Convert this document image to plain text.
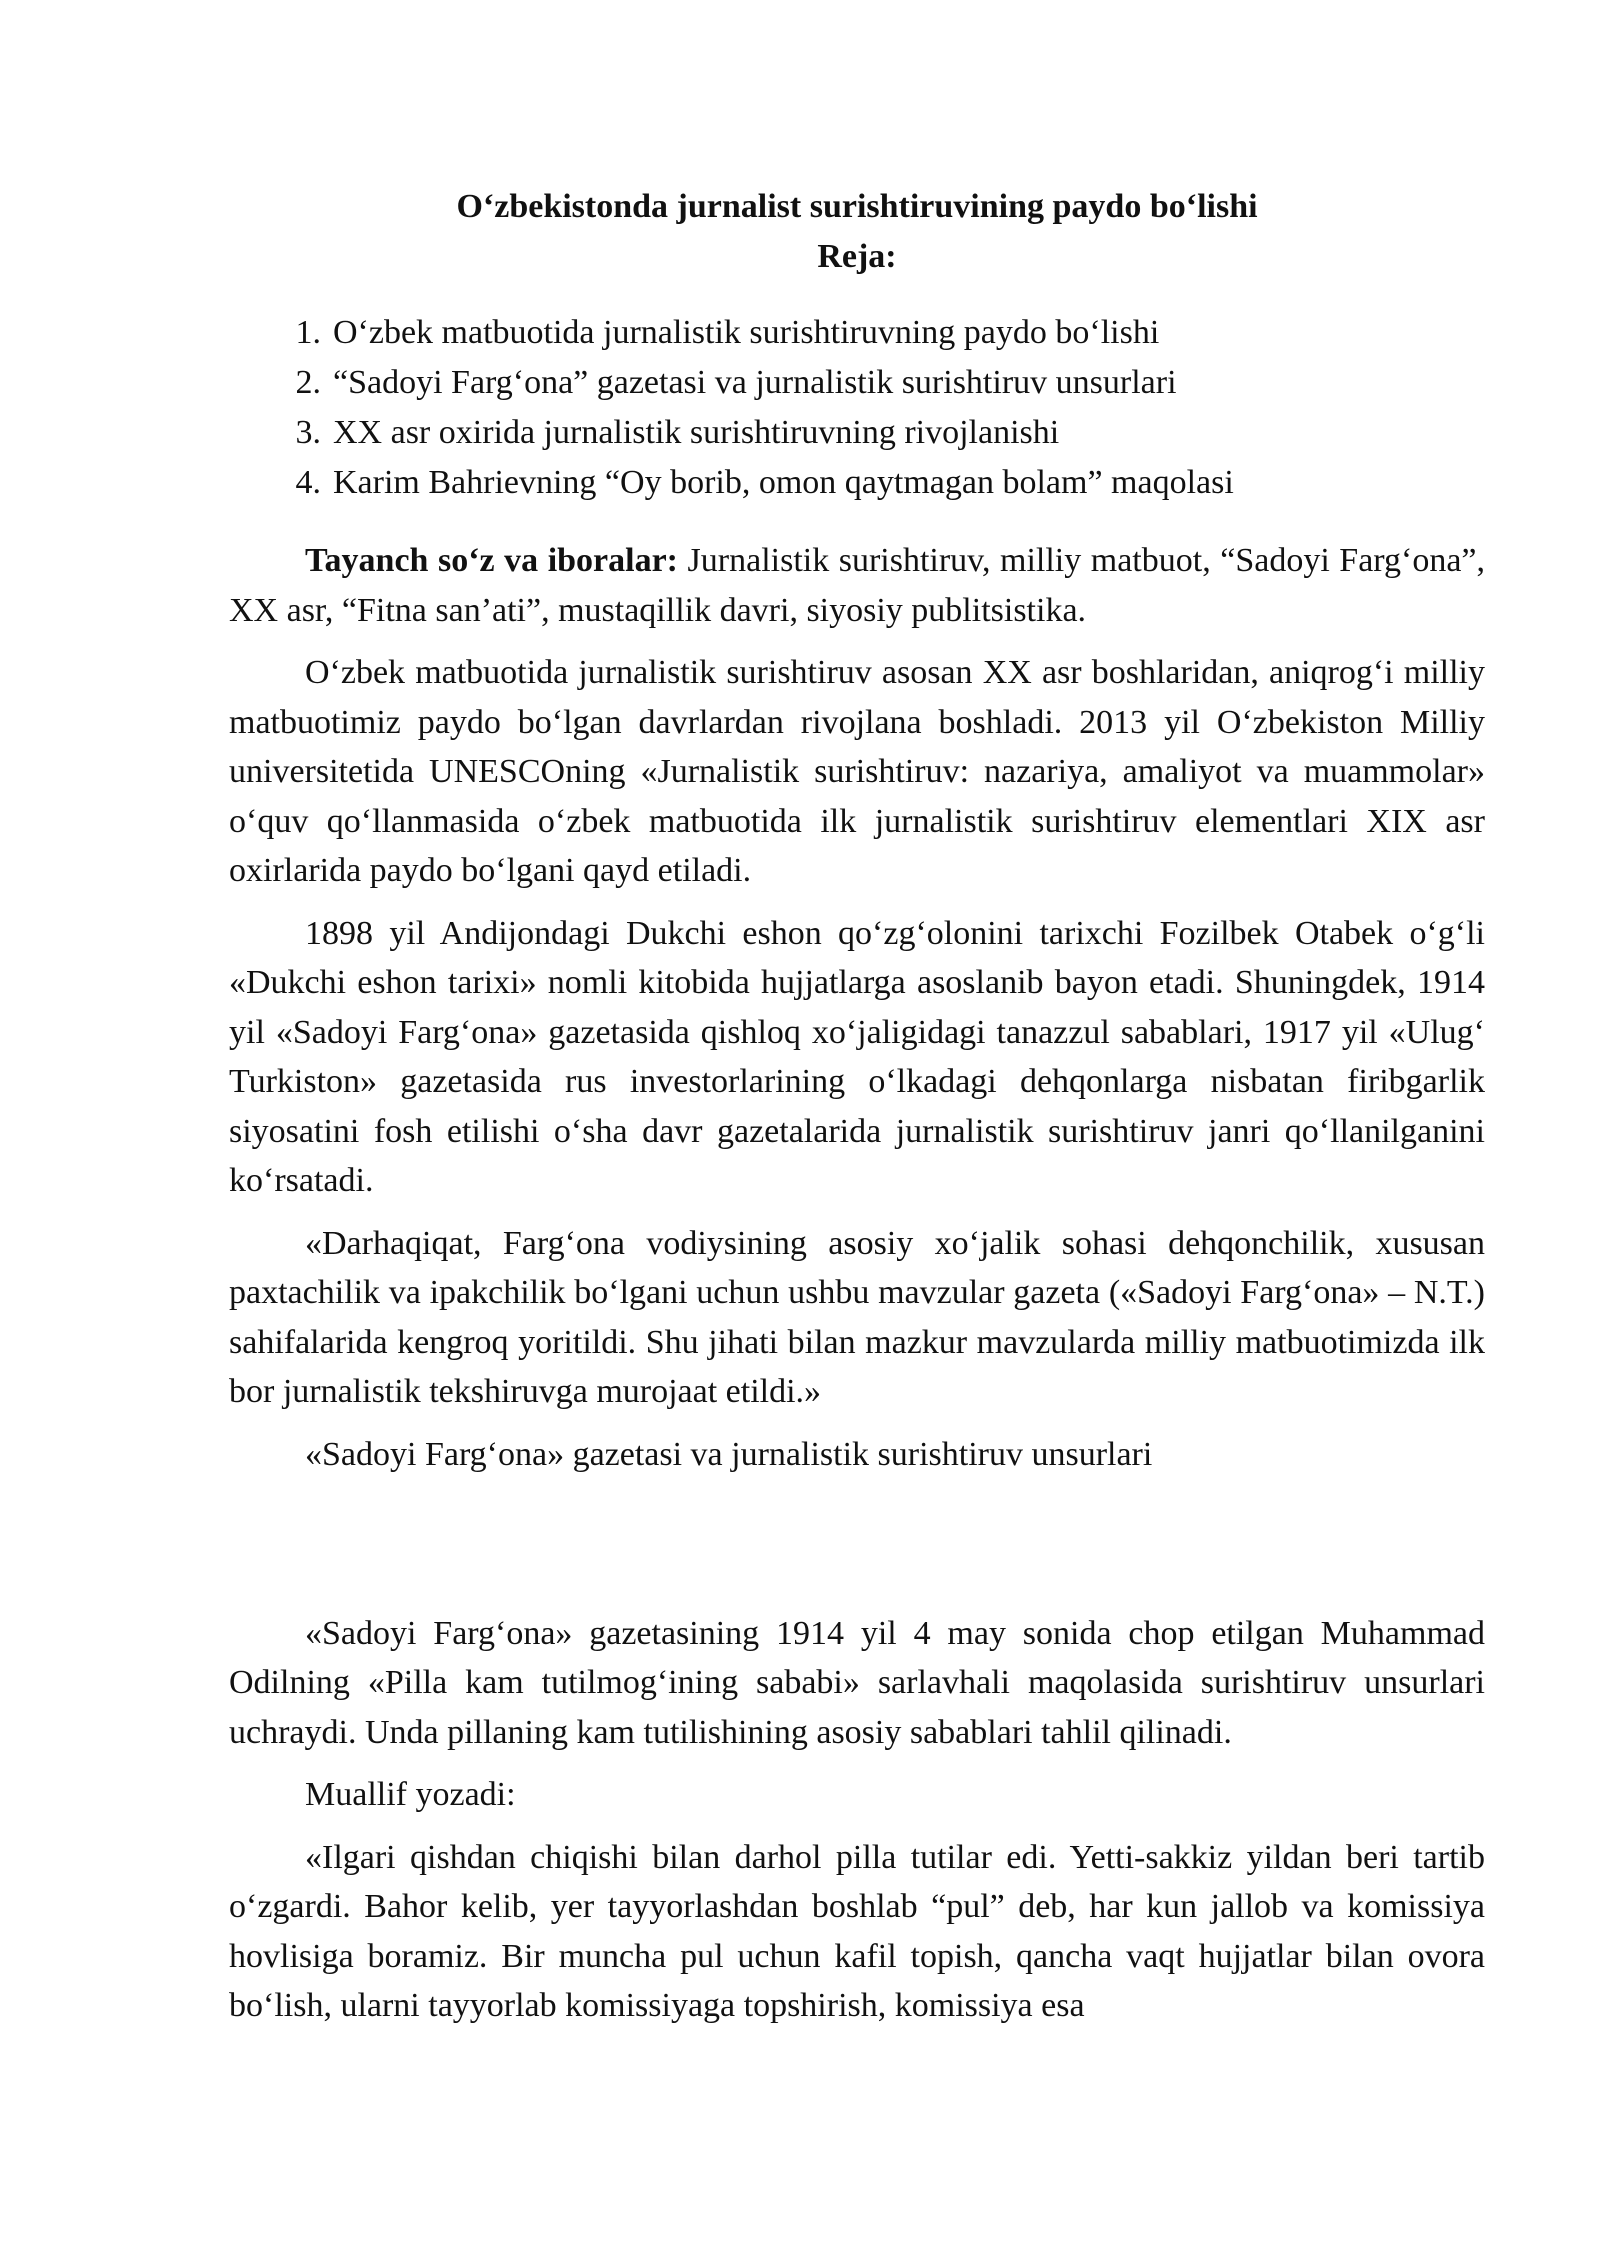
O‘zbekistonda jurnalist surishtiruvining paydo bo‘lishi
Reja:
1. O‘zbek matbuotida jurnalistik surishtiruvning paydo bo‘lishi
2. “Sadoyi Farg‘ona” gazetasi va jurnalistik surishtiruv unsurlari
3. XX asr oxirida jurnalistik surishtiruvning rivojlanishi
4. Karim Bahrievning “Oy borib, omon qaytmagan bolam” maqolasi

Tayanch so‘z va iboralar: Jurnalistik surishtiruv, milliy matbuot, “Sadoyi Farg‘ona”, XX asr, “Fitna san’ati”, mustaqillik davri, siyosiy publitsistika.

O‘zbek matbuotida jurnalistik surishtiruv asosan XX asr boshlaridan, aniqrog‘i milliy matbuotimiz paydo bo‘lgan davrlardan rivojlana boshladi. 2013 yil O‘zbekiston Milliy universitetida UNESCOning «Jurnalistik surishtiruv: nazariya, amaliyot va muammolar» o‘quv qo‘llanmasida o‘zbek matbuotida ilk jurnalistik surishtiruv elementlari XIX asr oxirlarida paydo bo‘lgani qayd etiladi.

1898 yil Andijondagi Dukchi eshon qo‘zg‘olonini tarixchi Fozilbek Otabek o‘g‘li «Dukchi eshon tarixi» nomli kitobida hujjatlarga asoslanib bayon etadi. Shuningdek, 1914 yil «Sadoyi Farg‘ona» gazetasida qishloq xo‘jaligidagi tanazzul sabablari, 1917 yil «Ulug‘ Turkiston» gazetasida rus investorlarining o‘lkadagi dehqonlarga nisbatan firibgarlik siyosatini fosh etilishi o‘sha davr gazetalarida jurnalistik surishtiruv janri qo‘llanilganini ko‘rsatadi.

«Darhaqiqat, Farg‘ona vodiysining asosiy xo‘jalik sohasi dehqonchilik, xususan paxtachilik va ipakchilik bo‘lgani uchun ushbu mavzular gazeta («Sadoyi Farg‘ona» – N.T.) sahifalarida kengroq yoritildi. Shu jihati bilan mazkur mavzularda milliy matbuotimizda ilk bor jurnalistik tekshiruvga murojaat etildi.»

«Sadoyi Farg‘ona» gazetasi va jurnalistik surishtiruv unsurlari

«Sadoyi Farg‘ona» gazetasining 1914 yil 4 may sonida chop etilgan Muhammad Odilning «Pilla kam tutilmog‘ining sababi» sarlavhali maqolasida surishtiruv unsurlari uchraydi. Unda pillaning kam tutilishining asosiy sabablari tahlil qilinadi.

Muallif yozadi:

«Ilgari qishdan chiqishi bilan darhol pilla tutilar edi. Yetti-sakkiz yildan beri tartib o‘zgardi. Bahor kelib, yer tayyorlashdan boshlab “pul” deb, har kun jallob va komissiya hovlisiga boramiz. Bir muncha pul uchun kafil topish, qancha vaqt hujjatlar bilan ovora bo‘lish, ularni tayyorlab komissiyaga topshirish, komissiya esa
